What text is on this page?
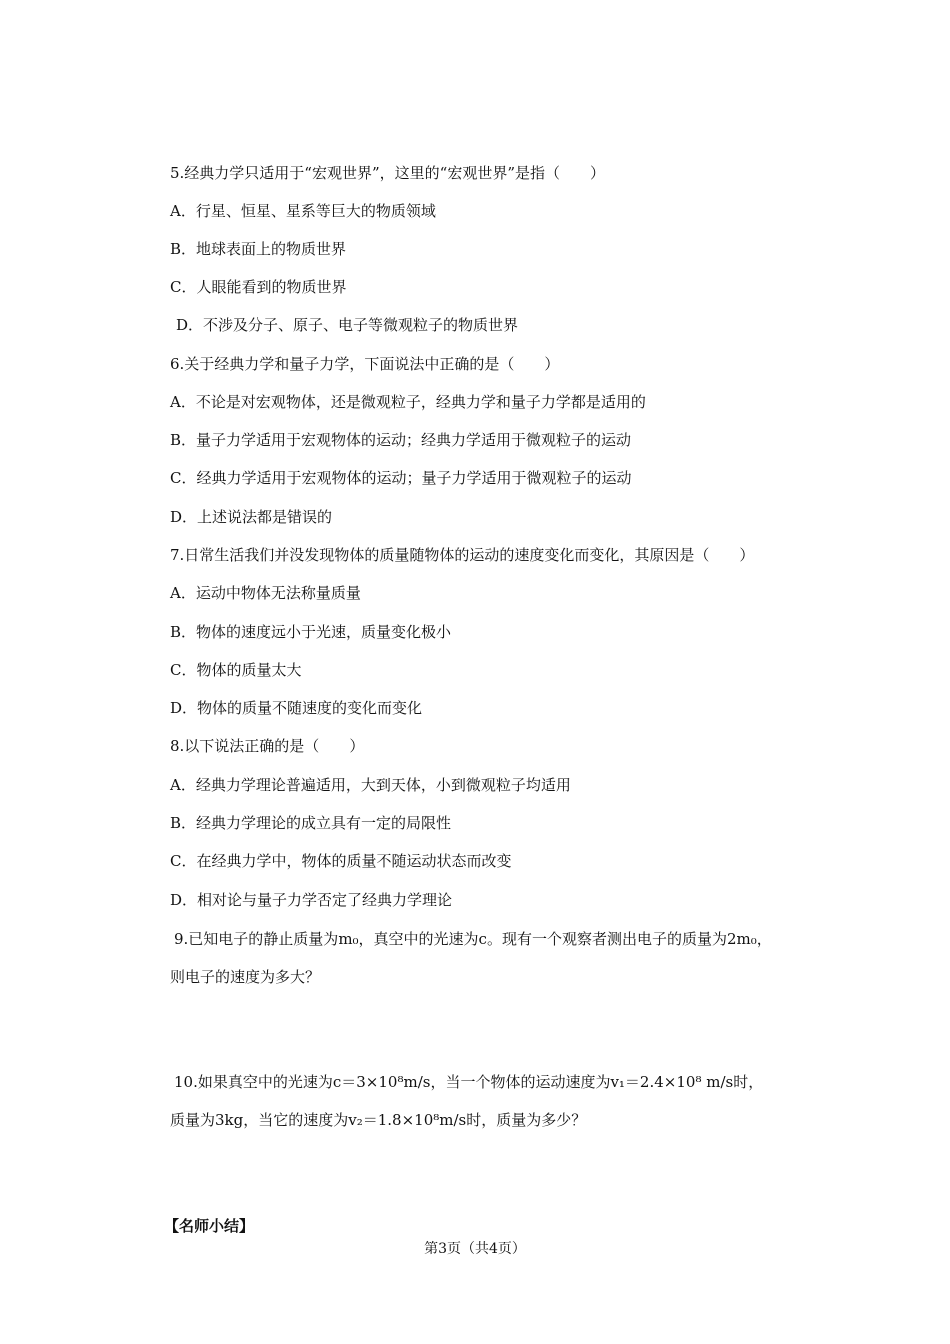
5.经典力学只适用于“宏观世界”，这里的“宏观世界”是指（　　）
A．行星、恒星、星系等巨大的物质领域
B．地球表面上的物质世界
C．人眼能看到的物质世界
D．不涉及分子、原子、电子等微观粒子的物质世界
6.关于经典力学和量子力学，下面说法中正确的是（　　）
A．不论是对宏观物体，还是微观粒子，经典力学和量子力学都是适用的
B．量子力学适用于宏观物体的运动；经典力学适用于微观粒子的运动
C．经典力学适用于宏观物体的运动；量子力学适用于微观粒子的运动
D．上述说法都是错误的
7.日常生活我们并没发现物体的质量随物体的运动的速度变化而变化，其原因是（　　）
A．运动中物体无法称量质量
B．物体的速度远小于光速，质量变化极小
C．物体的质量太大
D．物体的质量不随速度的变化而变化
8.以下说法正确的是（　　）
A．经典力学理论普遍适用，大到天体，小到微观粒子均适用
B．经典力学理论的成立具有一定的局限性
C．在经典力学中，物体的质量不随运动状态而改变
D．相对论与量子力学否定了经典力学理论
9.已知电子的静止质量为m₀，真空中的光速为c。现有一个观察者测出电子的质量为2m₀，
则电子的速度为多大？
10.如果真空中的光速为c＝3×10⁸m/s，当一个物体的运动速度为v₁＝2.4×10⁸ m/s时，
质量为3kg，当它的速度为v₂＝1.8×10⁸m/s时，质量为多少？
【名师小结】
第3页（共4页）
